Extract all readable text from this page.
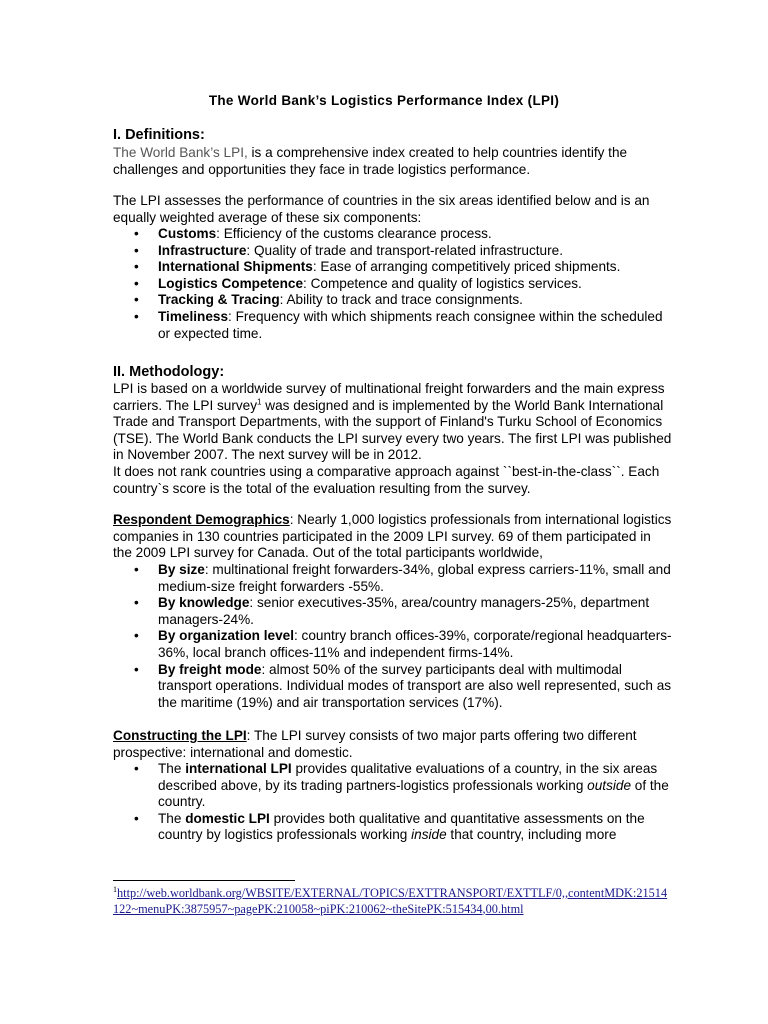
The World Bank’s Logistics Performance Index (LPI)
I. Definitions:
The World Bank’s LPI, is a comprehensive index created to help countries identify the challenges and opportunities they face in trade logistics performance.
The LPI assesses the performance of countries in the six areas identified below and is an equally weighted average of these six components:
• Customs: Efficiency of the customs clearance process.
• Infrastructure: Quality of trade and transport-related infrastructure.
• International Shipments: Ease of arranging competitively priced shipments.
• Logistics Competence: Competence and quality of logistics services.
• Tracking & Tracing: Ability to track and trace consignments.
• Timeliness: Frequency with which shipments reach consignee within the scheduled or expected time.
II. Methodology:
LPI is based on a worldwide survey of multinational freight forwarders and the main express carriers. The LPI survey$^1$ was designed and is implemented by the World Bank International Trade and Transport Departments, with the support of Finland's Turku School of Economics (TSE). The World Bank conducts the LPI survey every two years. The first LPI was published in November 2007. The next survey will be in 2012.
It does not rank countries using a comparative approach against ``best-in-the-class``. Each country`s score is the total of the evaluation resulting from the survey.
Respondent Demographics: Nearly 1,000 logistics professionals from international logistics companies in 130 countries participated in the 2009 LPI survey. 69 of them participated in the 2009 LPI survey for Canada. Out of the total participants worldwide,
• By size: multinational freight forwarders-34%, global express carriers-11%, small and medium-size freight forwarders -55%.
• By knowledge: senior executives-35%, area/country managers-25%, department managers-24%.
• By organization level: country branch offices-39%, corporate/regional headquarters-36%, local branch offices-11% and independent firms-14%.
• By freight mode: almost 50% of the survey participants deal with multimodal transport operations. Individual modes of transport are also well represented, such as the maritime (19%) and air transportation services (17%).
Constructing the LPI: The LPI survey consists of two major parts offering two different prospective: international and domestic.
• The international LPI provides qualitative evaluations of a country, in the six areas described above, by its trading partners-logistics professionals working outside of the country.
• The domestic LPI provides both qualitative and quantitative assessments on the country by logistics professionals working inside that country, including more
$^1$http://web.worldbank.org/WBSITE/EXTERNAL/TOPICS/EXTTRANSPORT/EXTTLF/0,,contentMDK:21514122~menuPK:3875957~pagePK:210058~piPK:210062~theSitePK:515434,00.html
